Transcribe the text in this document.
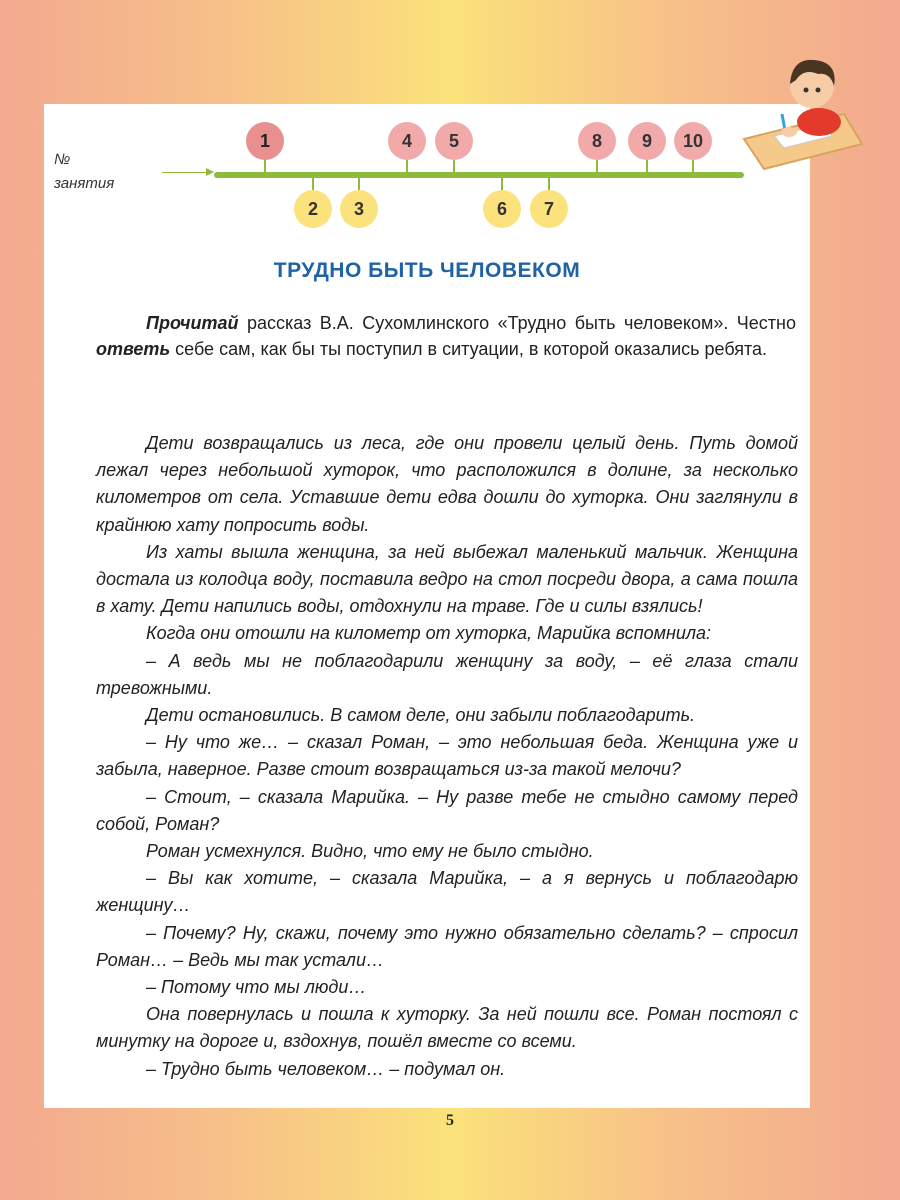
№
занятия
1	4	5	8	9	10
2	3	6	7
ТРУДНО БЫТЬ ЧЕЛОВЕКОМ

Прочитай рассказ В.А. Сухомлинского «Трудно быть человеком». Честно ответь себе сам, как бы ты поступил в ситуации, в которой оказались ребята.

Дети возвращались из леса, где они провели целый день. Путь домой лежал через небольшой хуторок, что расположился в долине, за несколько километров от села. Уставшие дети едва дошли до хуторка. Они заглянули в крайнюю хату попросить воды.

Из хаты вышла женщина, за ней выбежал маленький мальчик. Женщина достала из колодца воду, поставила ведро на стол посреди двора, а сама пошла в хату. Дети напились воды, отдохнули на траве. Где и силы взялись!

Когда они отошли на километр от хуторка, Марийка вспомнила:

– А ведь мы не поблагодарили женщину за воду, – её глаза стали тревожными.

Дети остановились. В самом деле, они забыли поблагодарить.

– Ну что же… – сказал Роман, – это небольшая беда. Женщина уже и забыла, наверное. Разве стоит возвращаться из-за такой мелочи?

– Стоит, – сказала Марийка. – Ну разве тебе не стыдно самому перед собой, Роман?

Роман усмехнулся. Видно, что ему не было стыдно.

– Вы как хотите, – сказала Марийка, – а я вернусь и поблагодарю женщину…

– Почему? Ну, скажи, почему это нужно обязательно сделать? – спросил Роман… – Ведь мы так устали…

– Потому что мы люди…

Она повернулась и пошла к хуторку. За ней пошли все. Роман постоял с минутку на дороге и, вздохнув, пошёл вместе со всеми.

– Трудно быть человеком… – подумал он.

5
